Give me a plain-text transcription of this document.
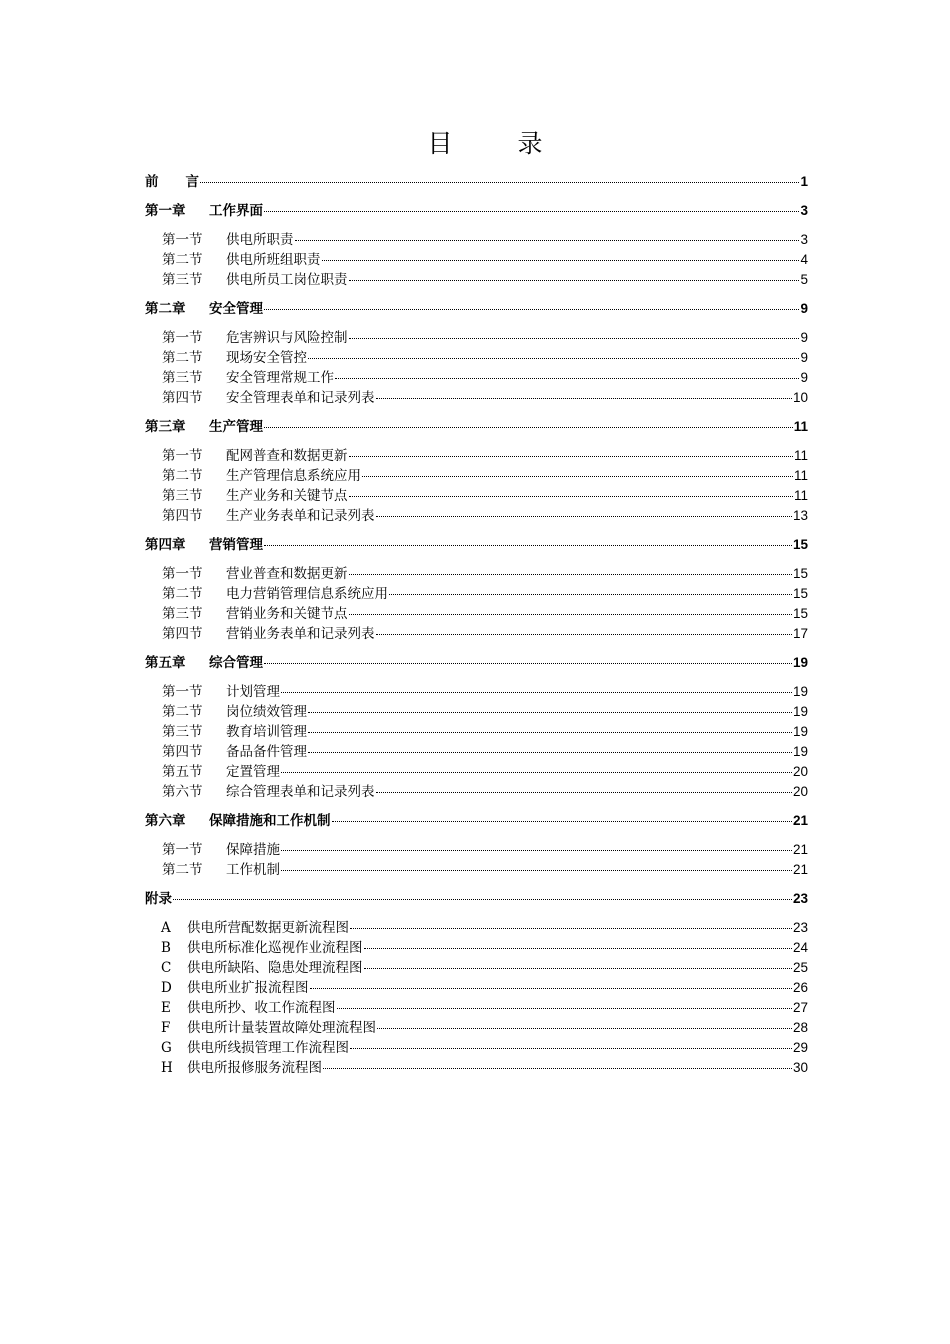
目　录
前　　言	1
第一章	工作界面	3
第一节	供电所职责	3
第二节	供电所班组职责	4
第三节	供电所员工岗位职责	5
第二章	安全管理	9
第一节	危害辨识与风险控制	9
第二节	现场安全管控	9
第三节	安全管理常规工作	9
第四节	安全管理表单和记录列表	10
第三章	生产管理	11
第一节	配网普查和数据更新	11
第二节	生产管理信息系统应用	11
第三节	生产业务和关键节点	11
第四节	生产业务表单和记录列表	13
第四章	营销管理	15
第一节	营业普查和数据更新	15
第二节	电力营销管理信息系统应用	15
第三节	营销业务和关键节点	15
第四节	营销业务表单和记录列表	17
第五章	综合管理	19
第一节	计划管理	19
第二节	岗位绩效管理	19
第三节	教育培训管理	19
第四节	备品备件管理	19
第五节	定置管理	20
第六节	综合管理表单和记录列表	20
第六章	保障措施和工作机制	21
第一节	保障措施	21
第二节	工作机制	21
附录	23
A	供电所营配数据更新流程图	23
B	供电所标准化巡视作业流程图	24
C	供电所缺陷、隐患处理流程图	25
D	供电所业扩报流程图	26
E	供电所抄、收工作流程图	27
F	供电所计量装置故障处理流程图	28
G	供电所线损管理工作流程图	29
H	供电所报修服务流程图	30
